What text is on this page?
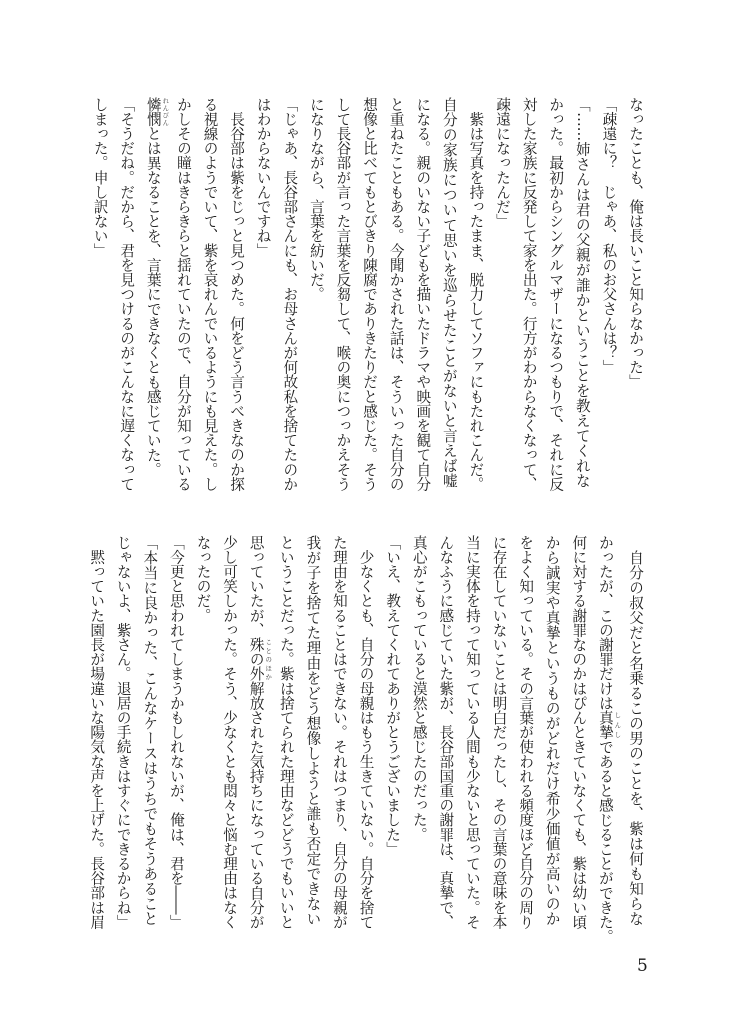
なったことも、俺は長いこと知らなかった」
「疎遠に？　じゃあ、私のお父さんは？」
「……姉さんは君の父親が誰かということを教えてくれな
かった。最初からシングルマザーになるつもりで、それに反
対した家族に反発して家を出た。行方がわからなくなって、
疎遠になったんだ」
　紫は写真を持ったまま、脱力してソファにもたれこんだ。
自分の家族について思いを巡らせたことがないと言えば嘘
になる。親のいない子どもを描いたドラマや映画を観て自分
と重ねたこともある。今聞かされた話は、そういった自分の
想像と比べてもとびきり陳腐でありきたりだと感じた。そう
して長谷部が言った言葉を反芻して、喉の奥につっかえそう
になりながら、言葉を紡いだ。
「じゃあ、長谷部さんにも、お母さんが何故私を捨てたのか
はわからないんですね」
　長谷部は紫をじっと見つめた。何をどう言うべきなのか探
る視線のようでいて、紫を哀れんでいるようにも見えた。し
かしその瞳はきらきらと揺れていたので、自分が知っている
憐憫 れんびんとは異なることを、言葉にできなくとも感じていた。
「そうだね。だから、君を見つけるのがこんなに遅くなって
しまった。申し訳ない」
　自分の叔父だと名乗るこの男のことを、紫は何も知らな
かったが、この謝罪だけは真摯 しんしであると感じることができた。
何に対する謝罪なのかはぴんときていなくても、紫は幼い頃
から誠実や真摯というものがどれだけ希少価値が高いのか
をよく知っている。その言葉が使われる頻度ほど自分の周り
に存在していないことは明白だったし、その言葉の意味を本
当に実体を持って知っている人間も少ないと思っていた。そ
んなふうに感じていた紫が、長谷部国重の謝罪は、真摯で、
真心がこもっていると漠然と感じたのだった。
「いえ、教えてくれてありがとうございました」
　少なくとも、自分の母親はもう生きていない。自分を捨て
た理由を知ることはできない。それはつまり、自分の母親が
我が子を捨てた理由をどう想像しようと誰も否定できない
ということだった。紫は捨てられた理由などどうでもいいと
思っていたが、殊の外 ことのほか解放された気持ちになっている自分が
少し可笑しかった。そう、少なくとも悶々と悩む理由はなく
なったのだ。
「今更と思われてしまうかもしれないが、俺は、君を――」
「本当に良かった、こんなケースはうちでもそうあること
じゃないよ、紫さん。退居の手続きはすぐにできるからね」
　黙っていた園長が場違いな陽気な声を上げた。長谷部は眉
5
